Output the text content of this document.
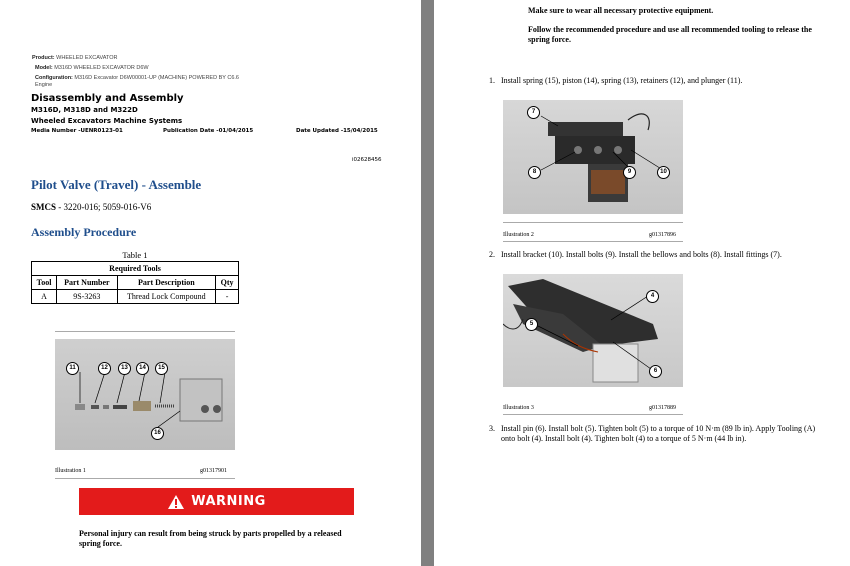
Product: WHEELED EXCAVATOR
Model: M316D WHEELED EXCAVATOR D6W
Configuration: M316D Excavator D6W00001-UP (MACHINE) POWERED BY C6.6
Engine
Disassembly and Assembly
M316D, M318D and M322D
Wheeled Excavators Machine Systems
Media Number -UENR0123-01	Publication Date -01/04/2015	Date Updated -15/04/2015
i02628456
Pilot Valve (Travel) - Assemble
SMCS - 3220-016; 5059-016-V6
Assembly Procedure
Table 1
Required Tools			
Tool	Part Number	Part Description	Qty
A	9S-3263	Thread Lock Compound	-
11	12	13	14	15
16
Illustration 1	g01317901
WARNING
Personal injury can result from being struck by parts propelled by a released spring force.
Make sure to wear all necessary protective equipment.
Follow the recommended procedure and use all recommended tooling to release the spring force.
1. Install spring (15), piston (14), spring (13), retainers (12), and plunger (11).
7
8	9	10
Illustration 2	g01317896
2. Install bracket (10). Install bolts (9). Install the bellows and bolts (8). Install fittings (7).
4
5
6
Illustration 3	g01317889
3. Install pin (6). Install bolt (5). Tighten bolt (5) to a torque of 10 N·m (89 lb in). Apply Tooling (A) onto bolt (4). Install bolt (4). Tighten bolt (4) to a torque of 5 N·m (44 lb in).
